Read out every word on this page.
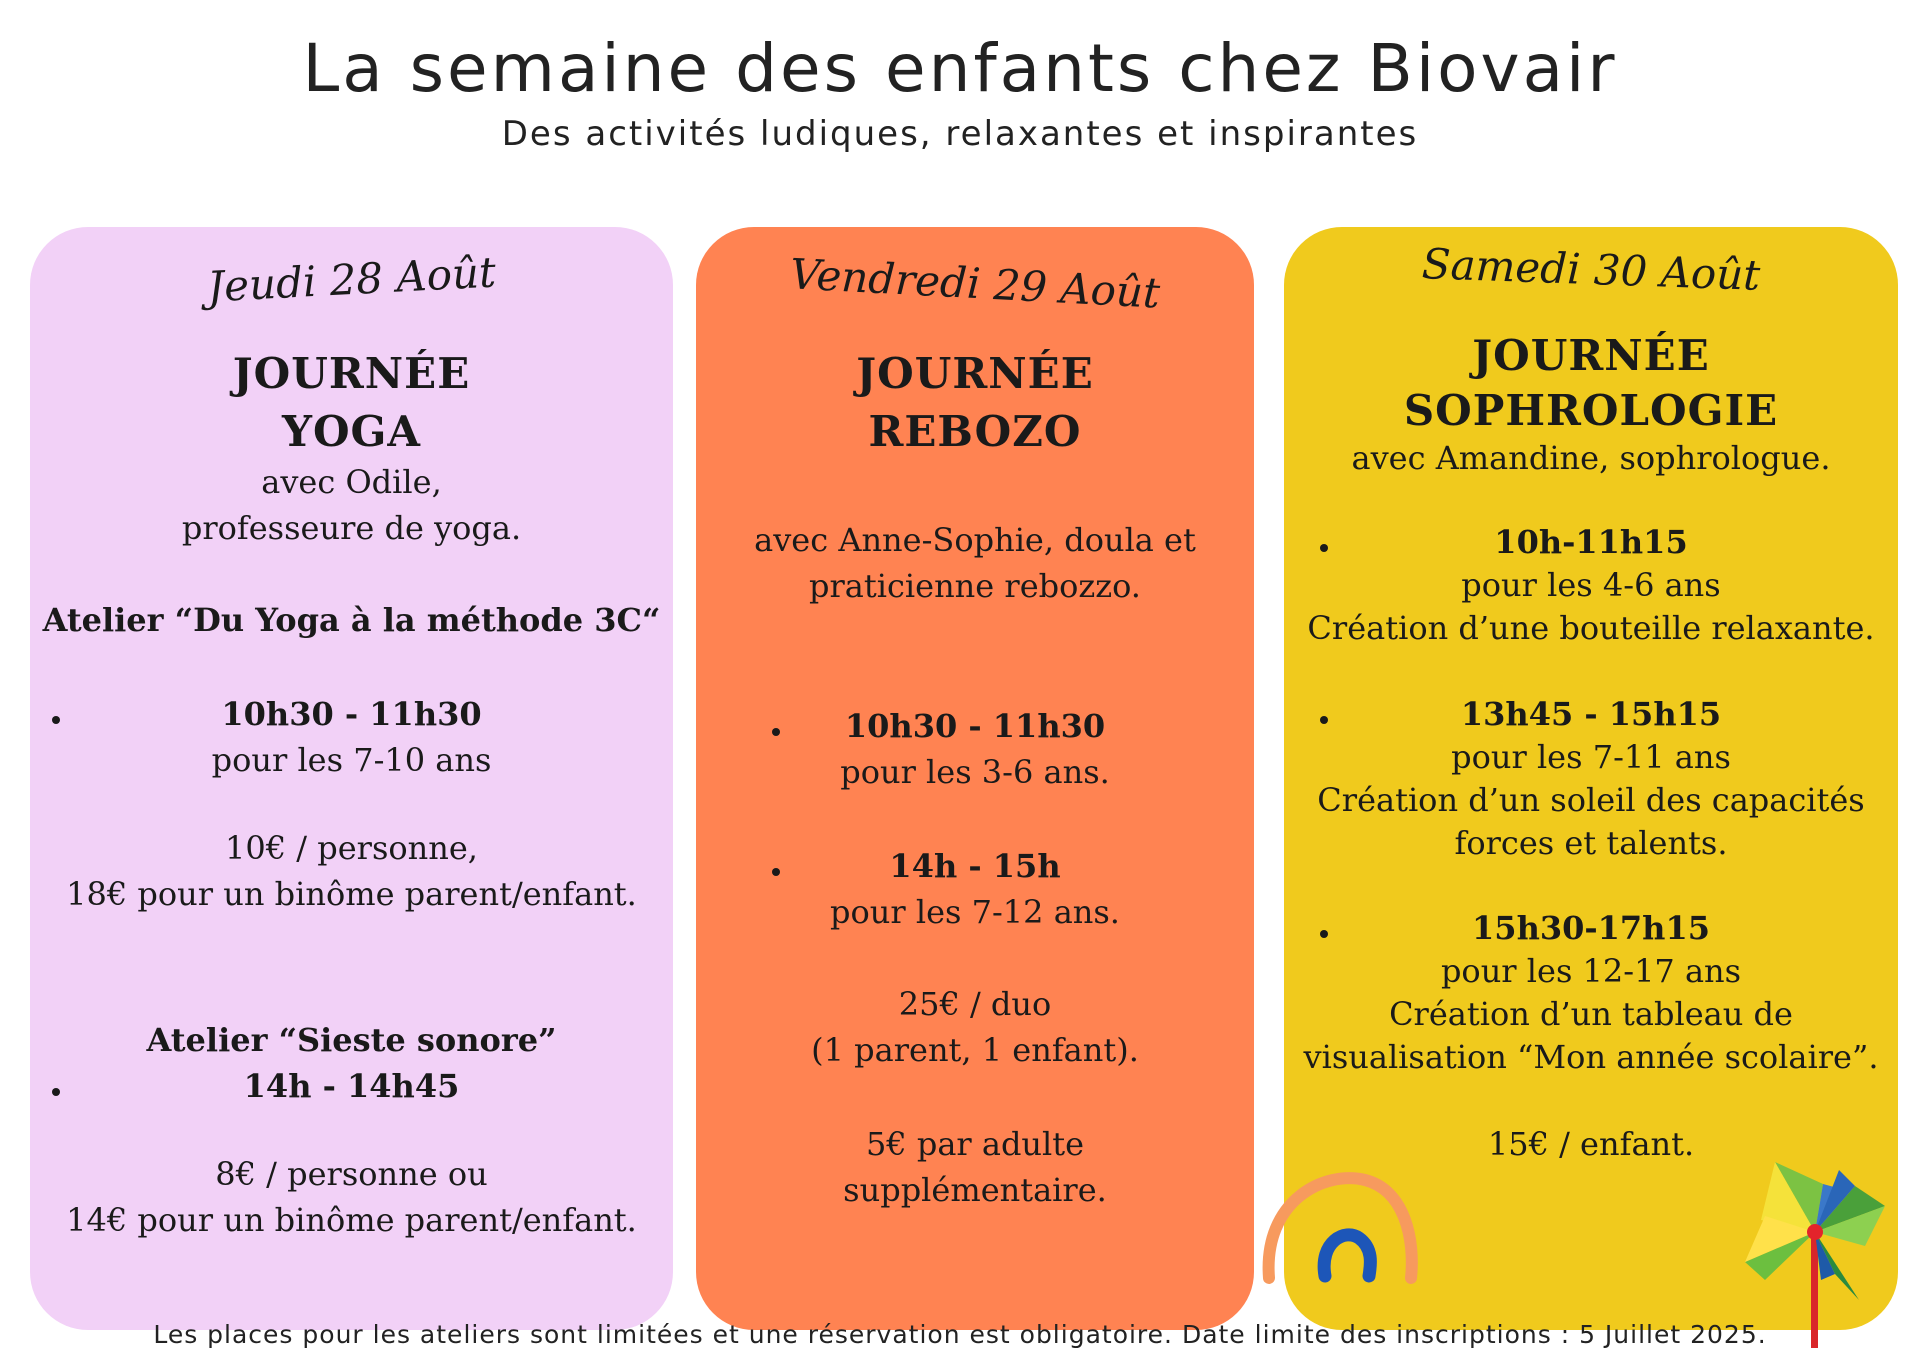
La semaine des enfants chez Biovair
Des activités ludiques, relaxantes et inspirantes
Jeudi 28 Août
JOURNÉE
YOGA
avec Odile,
professeure de yoga.
Atelier “Du Yoga à la méthode 3C“
10h30 - 11h30
pour les 7-10 ans
10€ / personne,
18€ pour un binôme parent/enfant.
Atelier “Sieste sonore”
14h - 14h45
8€ / personne ou
14€ pour un binôme parent/enfant.
Vendredi 29 Août
JOURNÉE
REBOZO
avec Anne-Sophie, doula et
praticienne rebozzo.
10h30 - 11h30
pour les 3-6 ans.
14h - 15h
pour les 7-12 ans.
25€ / duo
(1 parent, 1 enfant).
5€ par adulte
supplémentaire.
Samedi 30 Août
JOURNÉE
SOPHROLOGIE
avec Amandine, sophrologue.
10h-11h15
pour les 4-6 ans
Création d’une bouteille relaxante.
13h45 - 15h15
pour les 7-11 ans
Création d’un soleil des capacités
forces et talents.
15h30-17h15
pour les 12-17 ans
Création d’un tableau de
visualisation “Mon année scolaire”.
15€ / enfant.
Les places pour les ateliers sont limitées et une réservation est obligatoire. Date limite des inscriptions : 5 Juillet 2025.
